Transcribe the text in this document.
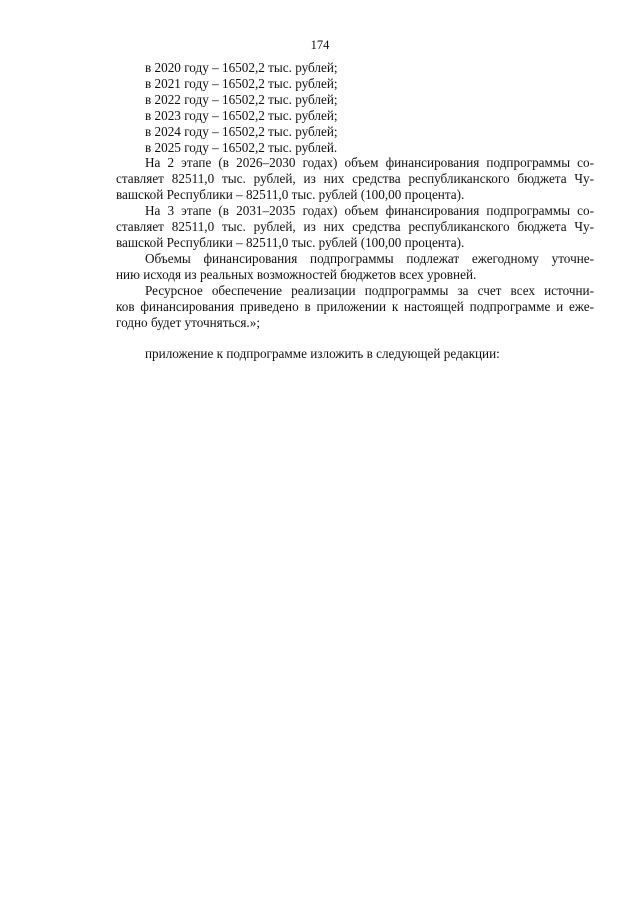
174
в 2020 году – 16502,2 тыс. рублей;
в 2021 году – 16502,2 тыс. рублей;
в 2022 году – 16502,2 тыс. рублей;
в 2023 году – 16502,2 тыс. рублей;
в 2024 году – 16502,2 тыс. рублей;
в 2025 году – 16502,2 тыс. рублей.
На 2 этапе (в 2026–2030 годах) объем финансирования подпрограммы со-
ставляет 82511,0 тыс. рублей, из них средства республиканского бюджета Чу-
вашской Республики – 82511,0 тыс. рублей (100,00 процента).
На 3 этапе (в 2031–2035 годах) объем финансирования подпрограммы со-
ставляет 82511,0 тыс. рублей, из них средства республиканского бюджета Чу-
вашской Республики – 82511,0 тыс. рублей (100,00 процента).
Объемы финансирования подпрограммы подлежат ежегодному уточне-
нию исходя из реальных возможностей бюджетов всех уровней.
Ресурсное обеспечение реализации подпрограммы за счет всех источни-
ков финансирования приведено в приложении к настоящей подпрограмме и еже-
годно будет уточняться.»;
приложение к подпрограмме изложить в следующей редакции:
